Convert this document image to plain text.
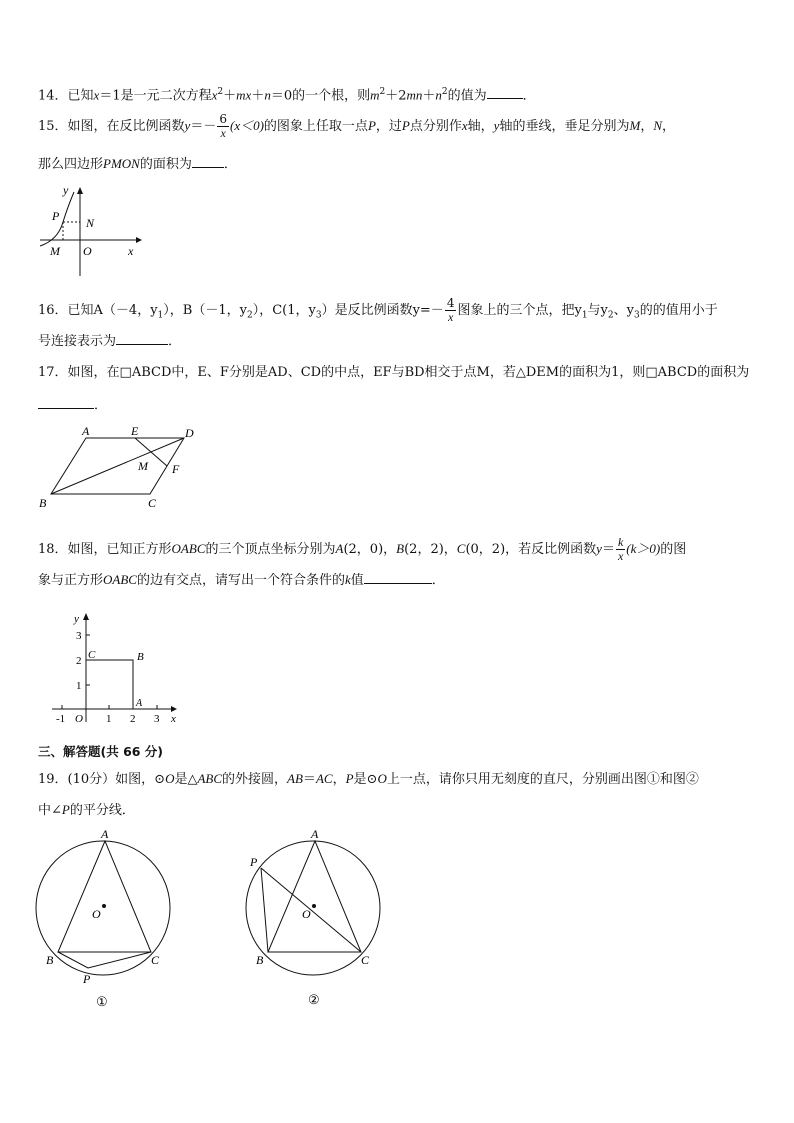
14．已知x＝1是一元二次方程$x^2+mx+n=0$的一个根，则$m^2+2mn+n^2$的值为	．
15．如图，在反比例函数$y=- \frac{6}{x} (x<0)$的图象上任取一点P，过P点分别作x轴，y轴的垂线，垂足分别为M，N，
那么四边形PMON的面积为 ．
y
P N
M O	x
16．已知A（－4，$y_1$），B（－1，$y_2$），C(1，$y_3$）是反比例函数$y=- \frac{4}{x}$ 图象上的三个点，把$y_1$与$y_2$、$y_3$的的值用小于
号连接表示为	．
17．如图，在□ABCD中，E、F分别是AD、CD的中点，EF与BD相交于点M，若△DEM的面积为1，则□ABCD的面积为
．
A	E	D
M F
B	C
18．如图，已知正方形OABC的三个顶点坐标分别为A(2，0)，B(2，2)，C(0，2)，若反比例函数$y= \frac{k}{x} (k>0)$的图
象与正方形OABC的边有交点，请写出一个符合条件的k值	．
y
3
2
1
C	B
A
-1 O 1 2 3 x
三、解答题(共 66 分)
19．(10分）如图，⊙O是△ABC的外接圆，AB＝AC，P是⊙O上一点，请你只用无刻度的直尺，分别画出图①和图②
中∠P的平分线．
A
O
B	C
P
①
A
P
O
B	C
②
